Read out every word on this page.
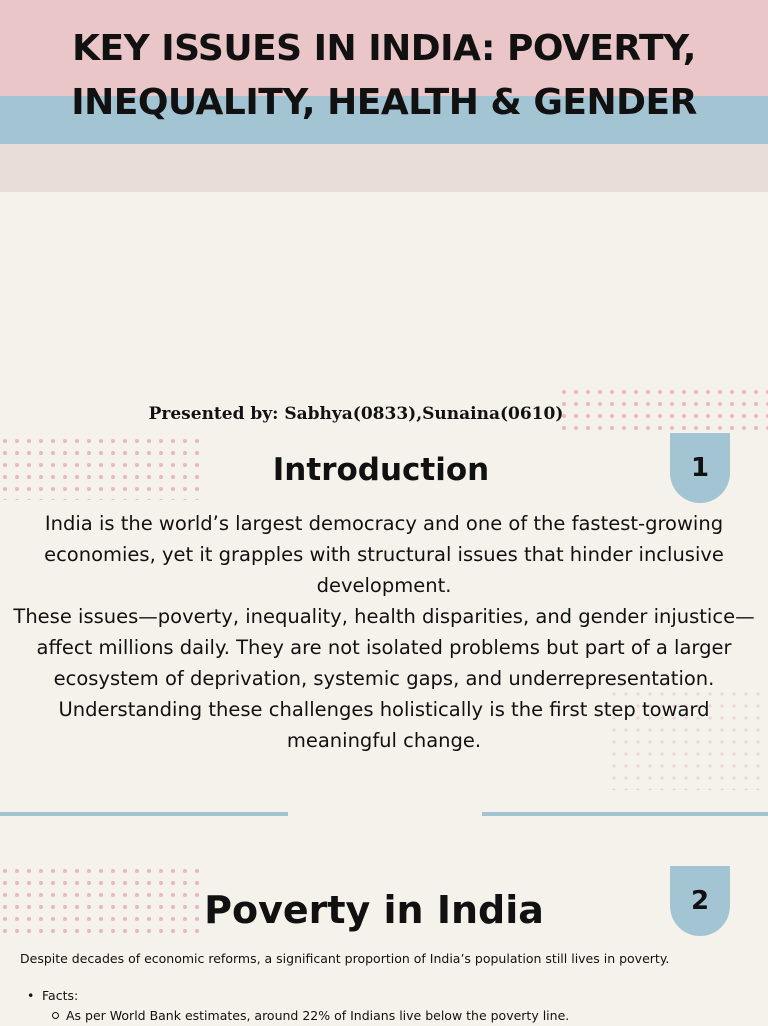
KEY ISSUES IN INDIA: POVERTY,
INEQUALITY, HEALTH & GENDER
Presented by: Sabhya(0833),Sunaina(0610)
1
Introduction

India is the world’s largest democracy and one of the fastest-growing economies, yet it grapples with structural issues that hinder inclusive development.

These issues—poverty, inequality, health disparities, and gender injustice—affect millions daily. They are not isolated problems but part of a larger ecosystem of deprivation, systemic gaps, and underrepresentation.

Understanding these challenges holistically is the first step toward meaningful change.

2
Poverty in India

Despite decades of economic reforms, a significant proportion of India’s population still lives in poverty.

• Facts:
As per World Bank estimates, around 22% of Indians live below the poverty line.
